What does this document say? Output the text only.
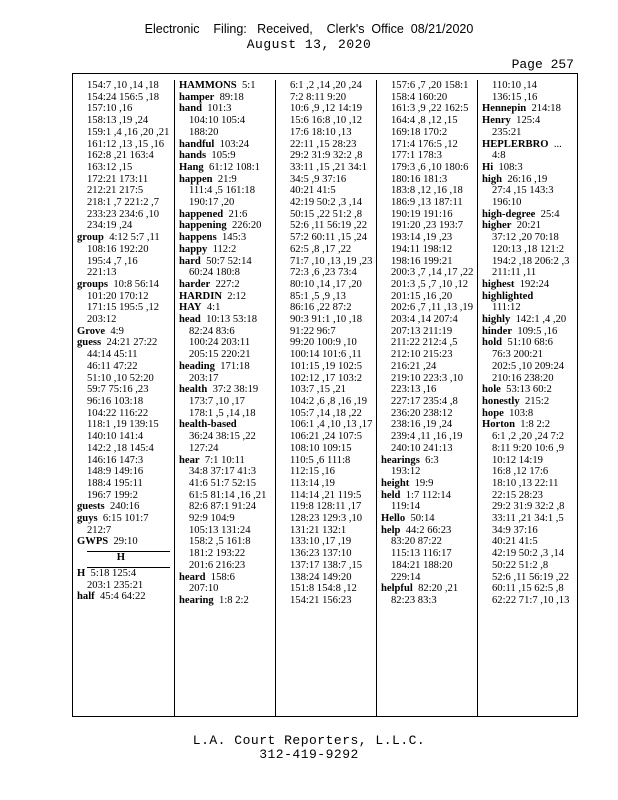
Electronic    Filing:   Received,    Clerk's  Office  08/21/2020
August 13, 2020
Page 257
154:7 ,10 ,14 ,18
154:24 156:5 ,18
157:10 ,16
158:13 ,19 ,24
159:1 ,4 ,16 ,20 ,21
161:12 ,13 ,15 ,16
162:8 ,21 163:4
163:12 ,15
172:21 173:11
212:21 217:5
218:1 ,7 221:2 ,7
233:23 234:6 ,10
234:19 ,24
group 4:12 5:7 ,11
108:16 192:20
195:4 ,7 ,16
221:13
groups 10:8 56:14
101:20 170:12
171:15 195:5 ,12
203:12
Grove 4:9
guess 24:21 27:22
44:14 45:11
46:11 47:22
51:10 ,10 52:20
59:7 75:16 ,23
96:16 103:18
104:22 116:22
118:1 ,19 139:15
140:10 141:4
142:2 ,18 145:4
146:16 147:3
148:9 149:16
188:4 195:11
196:7 199:2
guests 240:16
guys 6:15 101:7
212:7
GWPS 29:10
H
H 5:18 125:4
203:1 235:21
half 45:4 64:22
HAMMONS 5:1
hamper 89:18
hand 101:3
104:10 105:4
188:20
handful 103:24
hands 105:9
Hang 61:12 108:1
happen 21:9
111:4 ,5 161:18
190:17 ,20
happened 21:6
happening 226:20
happens 145:3
happy 112:2
hard 50:7 52:14
60:24 180:8
harder 227:2
HARDIN 2:12
HAY 4:1
head 10:13 53:18
82:24 83:6
100:24 203:11
205:15 220:21
heading 171:18
203:17
health 37:2 38:19
173:7 ,10 ,17
178:1 ,5 ,14 ,18
health-based
36:24 38:15 ,22
127:24
hear 7:1 10:11
34:8 37:17 41:3
41:6 51:7 52:15
61:5 81:14 ,16 ,21
82:6 87:1 91:24
92:9 104:9
105:13 131:24
158:2 ,5 161:8
181:2 193:22
201:6 216:23
heard 158:6
207:10
hearing 1:8 2:2
6:1 ,2 ,14 ,20 ,24
7:2 8:11 9:20
10:6 ,9 ,12 14:19
15:6 16:8 ,10 ,12
17:6 18:10 ,13
22:11 ,15 28:23
29:2 31:9 32:2 ,8
33:11 ,15 ,21 34:1
34:5 ,9 37:16
40:21 41:5
42:19 50:2 ,3 ,14
50:15 ,22 51:2 ,8
52:6 ,11 56:19 ,22
57:2 60:11 ,15 ,24
62:5 ,8 ,17 ,22
71:7 ,10 ,13 ,19 ,23
72:3 ,6 ,23 73:4
80:10 ,14 ,17 ,20
85:1 ,5 ,9 ,13
86:16 ,22 87:2
90:3 91:1 ,10 ,18
91:22 96:7
99:20 100:9 ,10
100:14 101:6 ,11
101:15 ,19 102:5
102:12 ,17 103:2
103:7 ,15 ,21
104:2 ,6 ,8 ,16 ,19
105:7 ,14 ,18 ,22
106:1 ,4 ,10 ,13 ,17
106:21 ,24 107:5
108:10 109:15
110:5 ,6 111:8
112:15 ,16
113:14 ,19
114:14 ,21 119:5
119:8 128:11 ,17
128:23 129:3 ,10
131:21 132:1
133:10 ,17 ,19
136:23 137:10
137:17 138:7 ,15
138:24 149:20
151:8 154:8 ,12
154:21 156:23
157:6 ,7 ,20 158:1
158:4 160:20
161:3 ,9 ,22 162:5
164:4 ,8 ,12 ,15
169:18 170:2
171:4 176:5 ,12
177:1 178:3
179:3 ,6 ,10 180:6
180:16 181:3
183:8 ,12 ,16 ,18
186:9 ,13 187:11
190:19 191:16
191:20 ,23 193:7
193:14 ,19 ,23
194:11 198:12
198:16 199:21
200:3 ,7 ,14 ,17 ,22
201:3 ,5 ,7 ,10 ,12
201:15 ,16 ,20
202:6 ,7 ,11 ,13 ,19
203:4 ,14 207:4
207:13 211:19
211:22 212:4 ,5
212:10 215:23
216:21 ,24
219:10 223:3 ,10
223:13 ,16
227:17 235:4 ,8
236:20 238:12
238:16 ,19 ,24
239:4 ,11 ,16 ,19
240:10 241:13
hearings 6:3
193:12
height 19:9
held 1:7 112:14
119:14
Hello 50:14
help 44:2 66:23
83:20 87:22
115:13 116:17
184:21 188:20
229:14
helpful 82:20 ,21
82:23 83:3
110:10 ,14
136:15 ,16
Hennepin 214:18
Henry 125:4
235:21
HEPLERBRO ...
4:8
Hi 108:3
high 26:16 ,19
27:4 ,15 143:3
196:10
high-degree 25:4
higher 20:21
37:12 ,20 70:18
120:13 ,18 121:2
194:2 ,18 206:2 ,3
211:11 ,11
highest 192:24
highlighted
111:12
highly 142:1 ,4 ,20
hinder 109:5 ,16
hold 51:10 68:6
76:3 200:21
202:5 ,10 209:24
210:16 238:20
hole 53:13 60:2
honestly 215:2
hope 103:8
Horton 1:8 2:2
6:1 ,2 ,20 ,24 7:2
8:11 9:20 10:6 ,9
10:12 14:19
16:8 ,12 17:6
18:10 ,13 22:11
22:15 28:23
29:2 31:9 32:2 ,8
33:11 ,21 34:1 ,5
34:9 37:16
40:21 41:5
42:19 50:2 ,3 ,14
50:22 51:2 ,8
52:6 ,11 56:19 ,22
60:11 ,15 62:5 ,8
62:22 71:7 ,10 ,13
L.A. Court Reporters, L.L.C.
312-419-9292
